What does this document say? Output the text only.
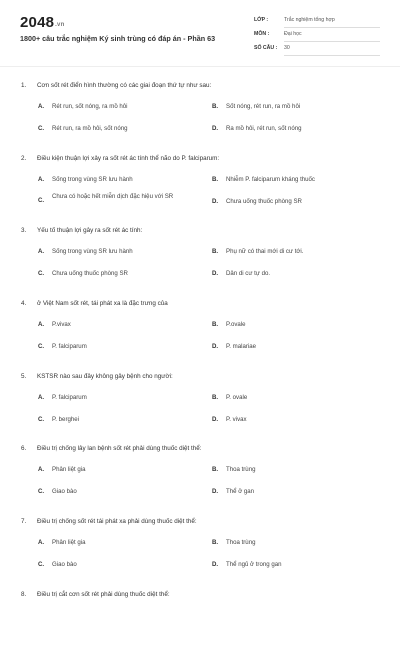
2048.vn
1800+ câu trắc nghiệm Ký sinh trùng có đáp án - Phần 63
LỚP :	Trắc nghiệm tổng hợp
MÔN :	Đại học
SỐ CÂU : 30
1. Cơn sốt rét điển hình thường có các giai đoạn thứ tự như sau:
A. Rét run, sốt nóng, ra mồ hôi	B. Sốt nóng, rét run, ra mồ hôi
C. Rét run, ra mồ hôi, sốt nóng	D. Ra mồ hôi, rét run, sốt nóng
2. Điều kiện thuận lợi xảy ra sốt rét ác tính thể não do P. falciparum:
A. Sống trong vùng SR lưu hành	B. Nhiễm P. falciparum kháng thuốc
C.
Chưa có hoặc hết miễn dịch đặc hiệu với SR
D. Chưa uống thuốc phòng SR
3. Yếu tố thuận lợi gây ra sốt rét ác tính:
A. Sống trong vùng SR lưu hành	B. Phụ nữ có thai mới di cư tới.
C. Chưa uống thuốc phòng SR	D. Dân di cư tự do.
4. ở Việt Nam sốt rét, tái phát xa là đặc trưng của
A. P.vivax	B. P.ovale
C. P. falciparum	D. P. malariae
5. KSTSR nào sau đây không gây bệnh cho người:
A. P. falciparum	B. P. ovale
C. P. berghei	D. P. vivax
6. Điều trị chống lây lan bệnh sốt rét phải dùng thuốc diệt thể:
A. Phân liệt gia	B. Thoa trùng
C. Giao bào	D. Thể ở gan
7. Điều trị chống sốt rét tái phát xa phải dùng thuốc diệt thể:
A. Phân liệt gia	B. Thoa trùng
C. Giao bào	D. Thể ngủ ở trong gan
8. Điều trị cắt cơn sốt rét phải dùng thuốc diệt thể:
